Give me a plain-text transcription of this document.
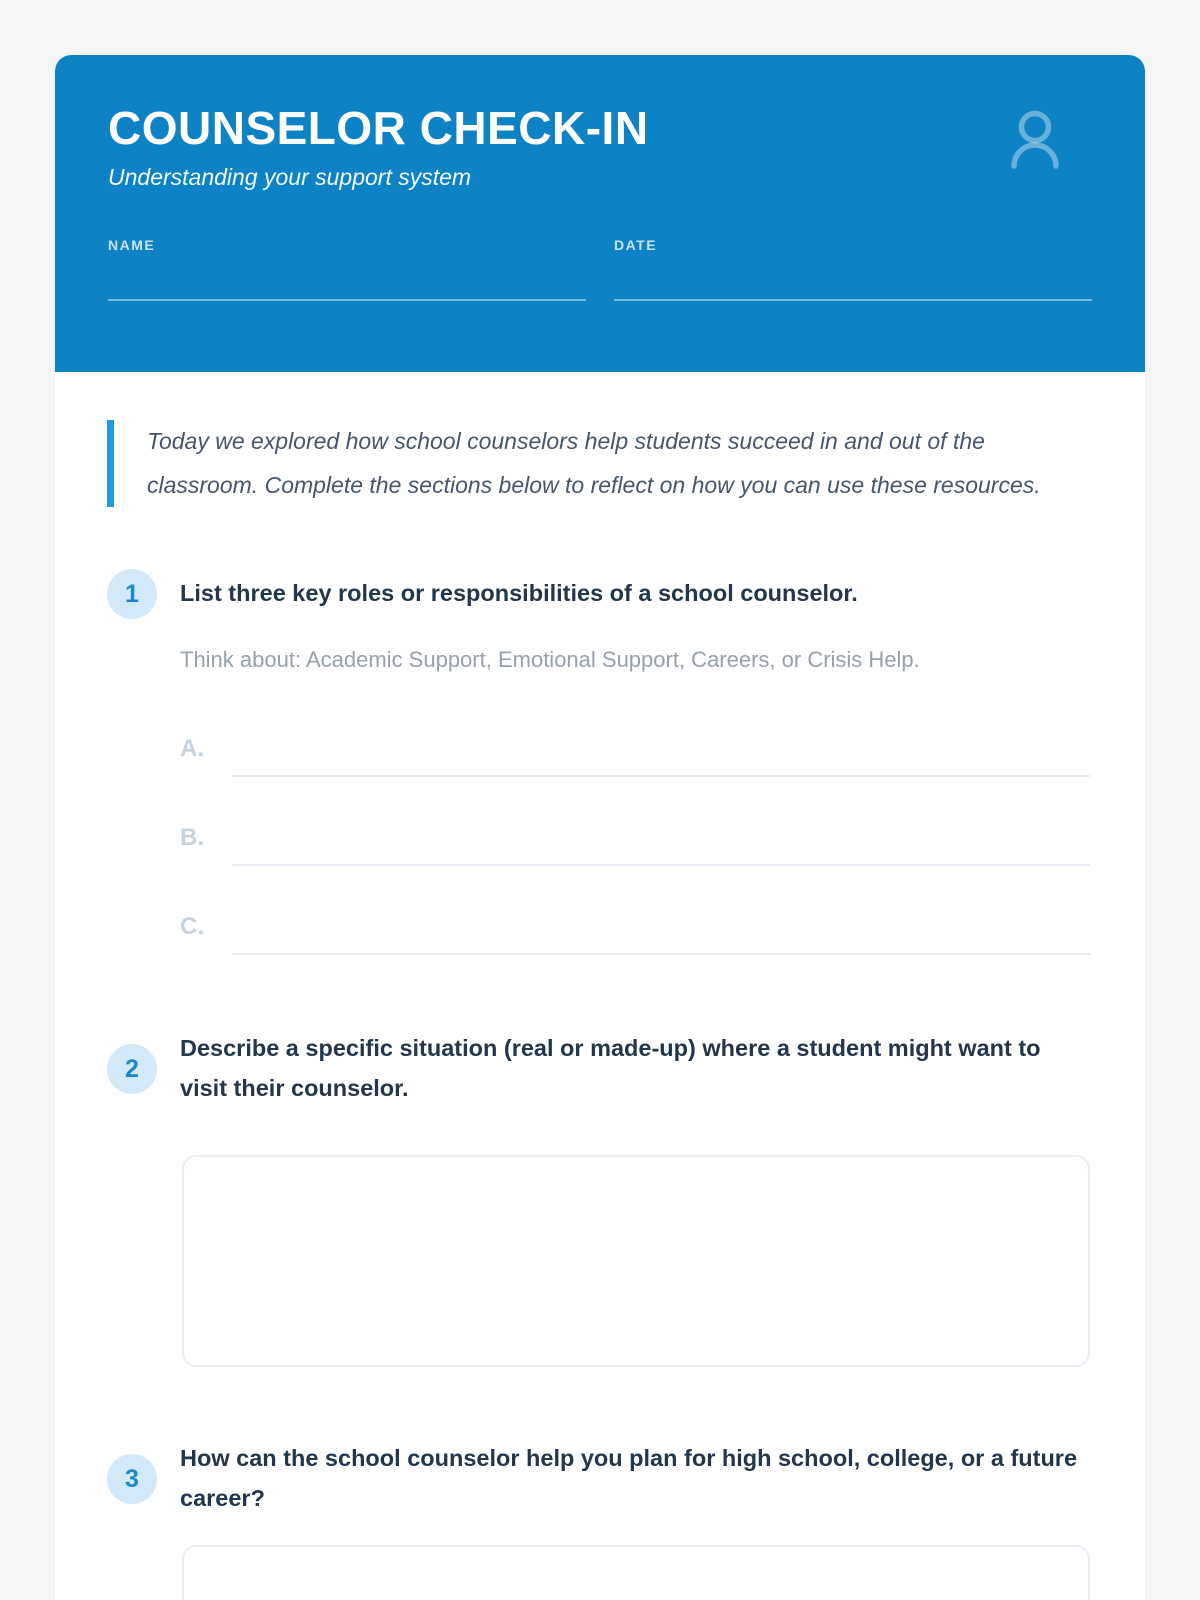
COUNSELOR CHECK-IN
Understanding your support system
NAME	DATE

Today we explored how school counselors help students succeed in and out of the classroom. Complete the sections below to reflect on how you can use these resources.

1	List three key roles or responsibilities of a school counselor.

Think about: Academic Support, Emotional Support, Careers, or Crisis Help.

A.
B.
C.
2
Describe a specific situation (real or made-up) where a student might want to visit their counselor.
3
How can the school counselor help you plan for high school, college, or a future career?
